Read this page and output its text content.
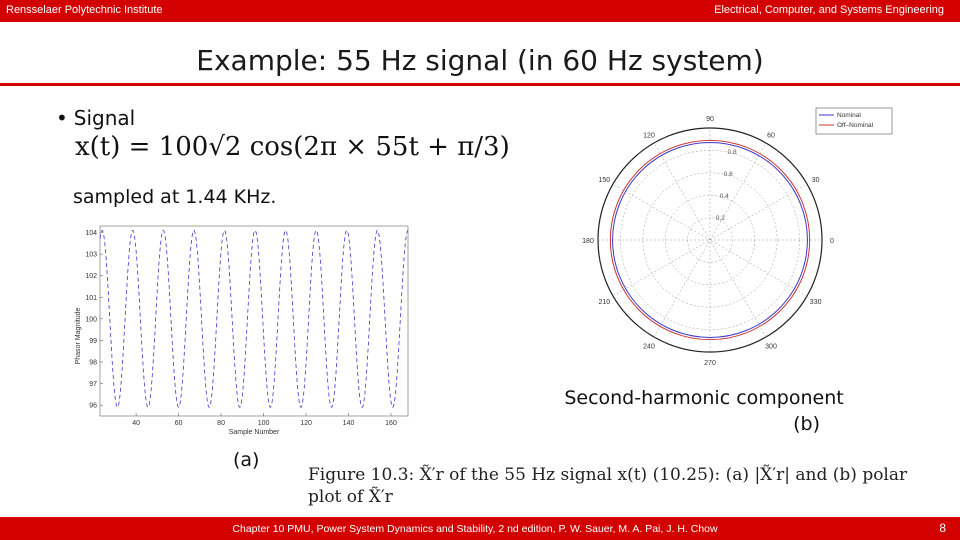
Rensselaer Polytechnic Institute	Electrical, Computer, and Systems Engineering
Example: 55 Hz signal (in 60 Hz system)
• Signal
x(t) = 100√2 cos(2π × 55t + π/3)
sampled at 1.44 KHz.
96
97
98
99
100
101
102
103
104
40	60	80	100	120	140	160
Sample Number
Phasor Magnitude
90
60
30
0
330
300
270
240
210
180
150
120
0.2
0.4
0.6
0.8
Nominal
Off–Nominal
Second-harmonic component
(b)
(a)
Figure 10.3: X̃′r of the 55 Hz signal x(t) (10.25): (a) |X̃′r| and (b) polar plot of X̃′r
Chapter 10 PMU, Power System Dynamics and Stability, 2 nd edition, P. W. Sauer, M. A. Pai, J. H. Chow	8
